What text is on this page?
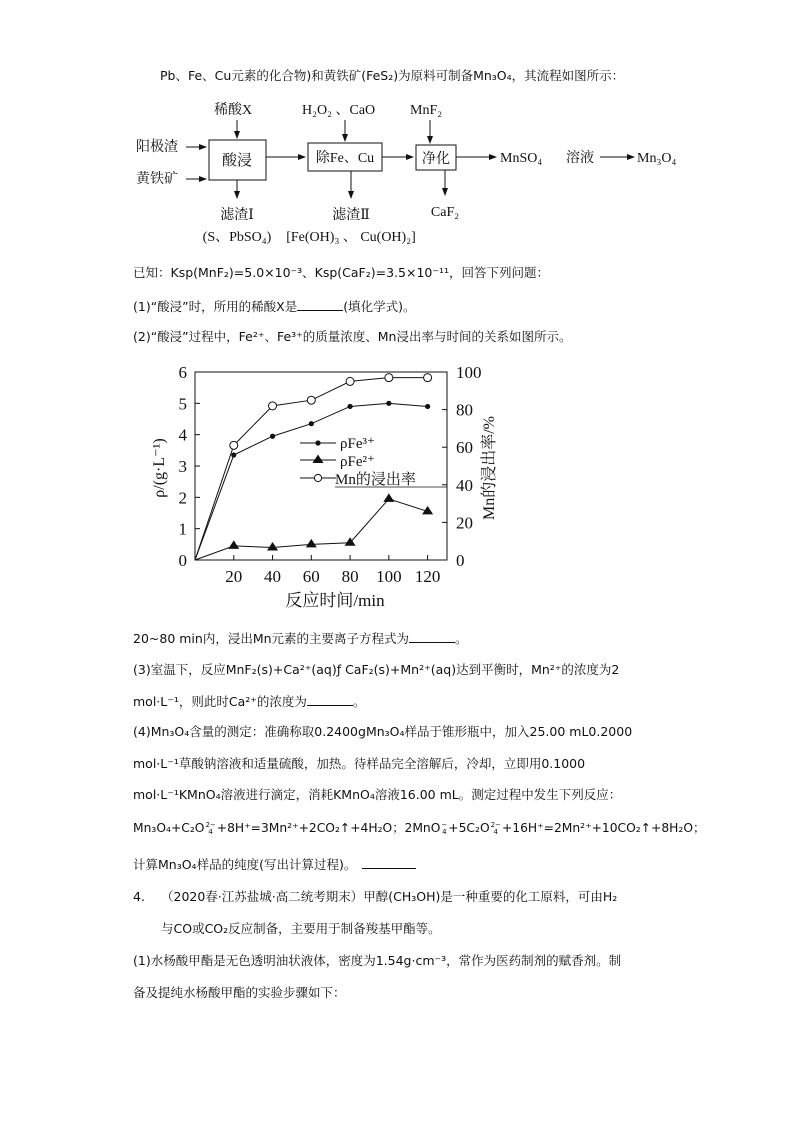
Pb、Fe、Cu元素的化合物)和黄铁矿(FeS₂)为原料可制备Mn₃O₄，其流程如图所示：
稀酸X	H₂O₂ 、CaO MnF₂
阳极渣
黄铁矿
酸浸	除Fe、Cu	净化	MnSO₄ 溶液	Mn₃O₄
滤渣Ⅰ
(S、PbSO₄)
滤渣Ⅱ
[Fe(OH)₃ 、 Cu(OH)₂]
CaF₂
已知：Ksp(MnF₂)=5.0×10⁻³、Ksp(CaF₂)=3.5×10⁻¹¹，回答下列问题：
(1)“酸浸”时，所用的稀酸X是	(填化学式)。
(2)“酸浸”过程中，Fe²⁺、Fe³⁺的质量浓度、Mn浸出率与时间的关系如图所示。
ρ/(g·L⁻¹)	Mn的浸出率/%
反应时间/min
ρFe³⁺
ρFe²⁺
Mn的浸出率
0
1
2
3
4
5
6
0
20
40
60
80
100
20 40 60 80 100 120
20~80 min内，浸出Mn元素的主要离子方程式为	。
(3)室温下，反应MnF₂(s)+Ca²⁺(aq)ƒ CaF₂(s)+Mn²⁺(aq)达到平衡时，Mn²⁺的浓度为2
mol·L⁻¹，则此时Ca²⁺的浓度为	。
(4)Mn₃O₄含量的测定：准确称取0.2400gMn₃O₄样品于锥形瓶中，加入25.00 mL0.2000
mol·L⁻¹草酸钠溶液和适量硫酸，加热。待样品完全溶解后，冷却，立即用0.1000
mol·L⁻¹KMnO₄溶液进行滴定，消耗KMnO₄溶液16.00 mL。测定过程中发生下列反应：
Mn₃O₄+C₂O2−
4 +8H⁺=3Mn²⁺+2CO₂↑+4H₂O；2MnO−
4 +5C₂O2−
4 +16H⁺=2Mn²⁺+10CO₂↑+8H₂O；
计算Mn₃O₄样品的纯度(写出计算过程)。
4. （2020春·江苏盐城·高二统考期末）甲醇(CH₃OH)是一种重要的化工原料，可由H₂
与CO或CO₂反应制备，主要用于制备羧基甲酯等。
(1)水杨酸甲酯是无色透明油状液体，密度为1.54g·cm⁻³，常作为医药制剂的赋香剂。制
备及提纯水杨酸甲酯的实验步骤如下：
